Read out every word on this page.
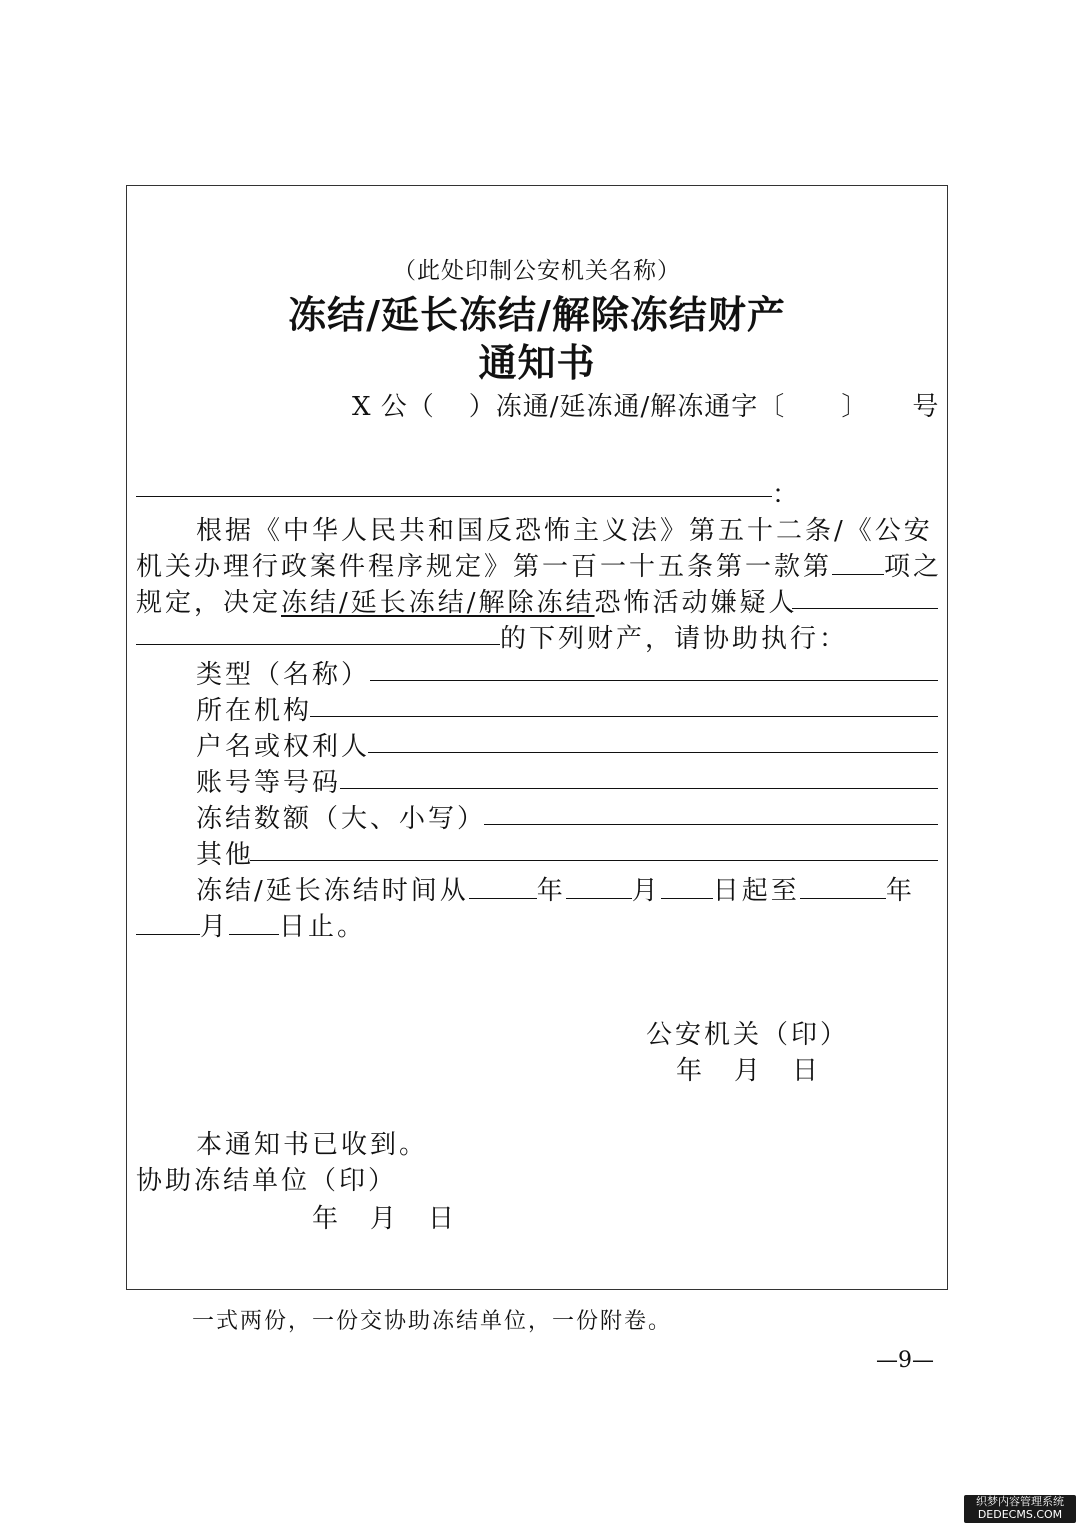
（此处印制公安机关名称）
冻结/延长冻结/解除冻结财产
通知书
X 公（ ）冻通/延冻通/解冻通字〔 〕 号
：
根据《中华人民共和国反恐怖主义法》第五十二条/《公安
机关办理行政案件程序规定》第一百一十五条第一款第 项之
规定，决定冻结/延长冻结/解除冻结恐怖活动嫌疑人
的下列财产，请协助执行：
类型（名称）
所在机构
户名或权利人
账号等号码
冻结数额（大、小写）
其他
冻结/延长冻结时间从	年	月 日起至	年
月 日止。
公安机关（印）
年　月　日
本通知书已收到。
协助冻结单位（印）
年　月　日
一式两份，一份交协助冻结单位，一份附卷。
—9—
织梦内容管理系统
DEDECMS.COM
